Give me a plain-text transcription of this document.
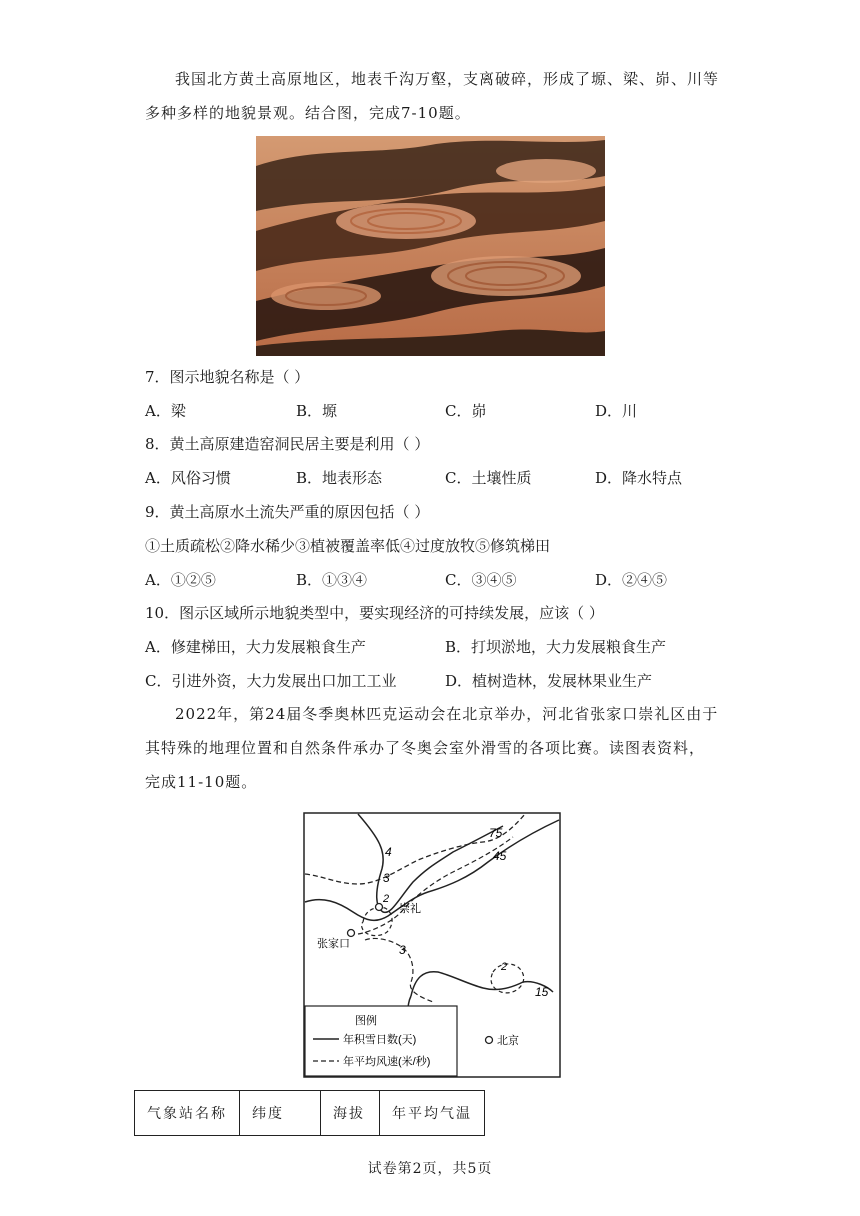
我国北方黄土高原地区，地表千沟万壑，支离破碎，形成了塬、梁、峁、川等多种多样的地貌景观。结合图，完成7-10题。
7．图示地貌名称是（ ）
A．梁	B．塬	C．峁	D．川
8．黄土高原建造窑洞民居主要是利用（ ）
A．风俗习惯	B．地表形态	C．土壤性质	D．降水特点
9．黄土高原水土流失严重的原因包括（ ）
①土质疏松②降水稀少③植被覆盖率低④过度放牧⑤修筑梯田
A．①②⑤	B．①③④	C．③④⑤	D．②④⑤
10．图示区域所示地貌类型中，要实现经济的可持续发展，应该（ ）
A．修建梯田，大力发展粮食生产	B．打坝淤地，大力发展粮食生产
C．引进外资，大力发展出口加工工业	D．植树造林，发展林果业生产
2022年，第24届冬季奥林匹克运动会在北京举办，河北省张家口崇礼区由于其特殊的地理位置和自然条件承办了冬奥会室外滑雪的各项比赛。读图表资料，完成11-10题。
崇礼
张家口
75
45
4
3
2
3
2
15
图例
年积雪日数(天)
年平均风速(米/秒)
北京
气象站名称	纬度	海拔	年平均气温
试卷第2页，共5页
